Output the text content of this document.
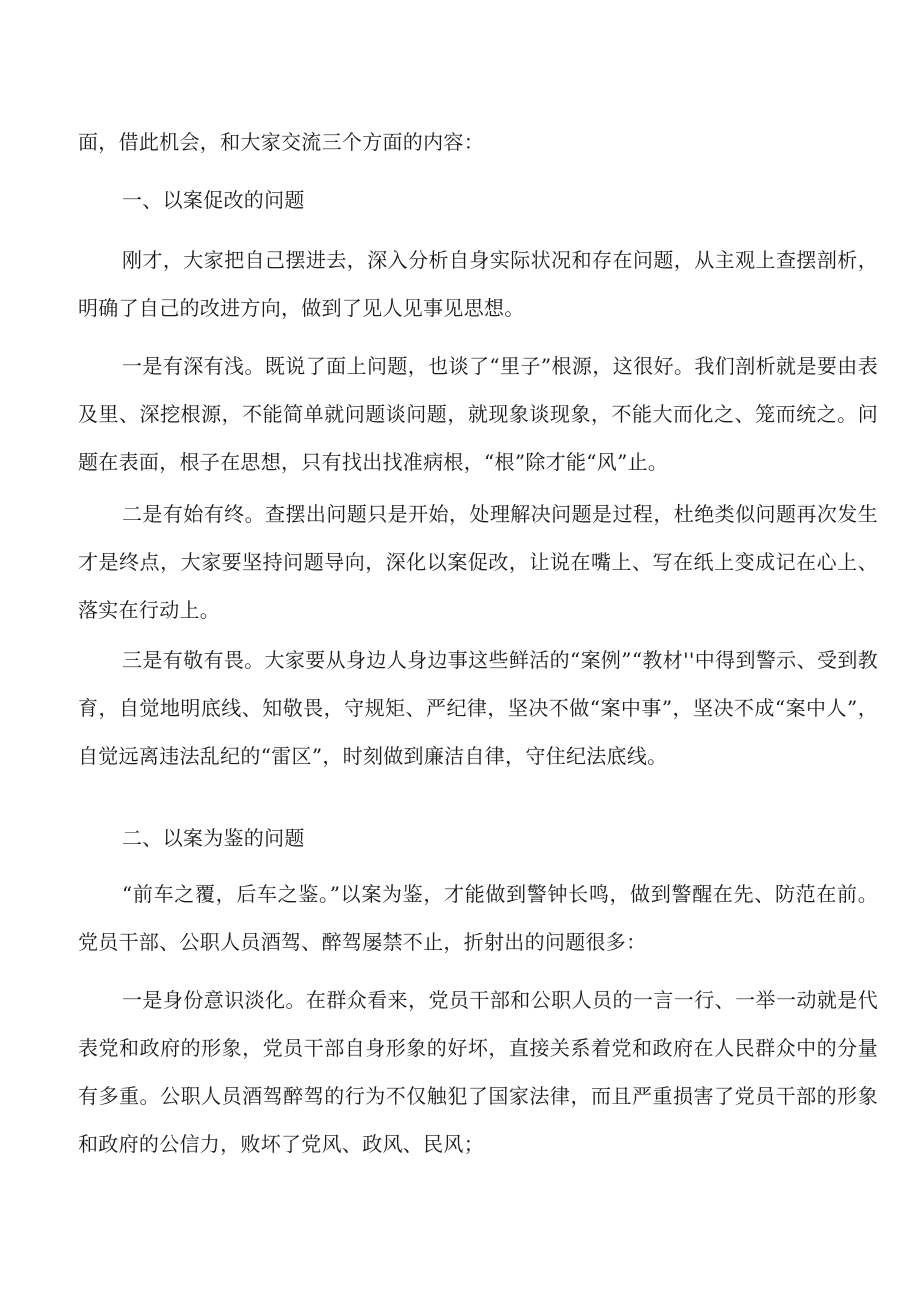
面，借此机会，和大家交流三个方面的内容：

一、以案促改的问题

刚才，大家把自己摆进去，深入分析自身实际状况和存在问题，从主观上查摆剖析，明确了自己的改进方向，做到了见人见事见思想。

一是有深有浅。既说了面上问题，也谈了“里子”根源，这很好。我们剖析就是要由表及里、深挖根源，不能简单就问题谈问题，就现象谈现象，不能大而化之、笼而统之。问题在表面，根子在思想，只有找出找准病根，“根”除才能“风”止。

二是有始有终。查摆出问题只是开始，处理解决问题是过程，杜绝类似问题再次发生才是终点，大家要坚持问题导向，深化以案促改，让说在嘴上、写在纸上变成记在心上、落实在行动上。

三是有敬有畏。大家要从身边人身边事这些鲜活的“案例”“教材''中得到警示、受到教育，自觉地明底线、知敬畏，守规矩、严纪律，坚决不做“案中事”，坚决不成“案中人”，自觉远离违法乱纪的“雷区”，时刻做到廉洁自律，守住纪法底线。

二、以案为鉴的问题

“前车之覆，后车之鉴。”以案为鉴，才能做到警钟长鸣，做到警醒在先、防范在前。党员干部、公职人员酒驾、醉驾屡禁不止，折射出的问题很多：

一是身份意识淡化。在群众看来，党员干部和公职人员的一言一行、一举一动就是代表党和政府的形象，党员干部自身形象的好坏，直接关系着党和政府在人民群众中的分量有多重。公职人员酒驾醉驾的行为不仅触犯了国家法律，而且严重损害了党员干部的形象和政府的公信力，败坏了党风、政风、民风；
